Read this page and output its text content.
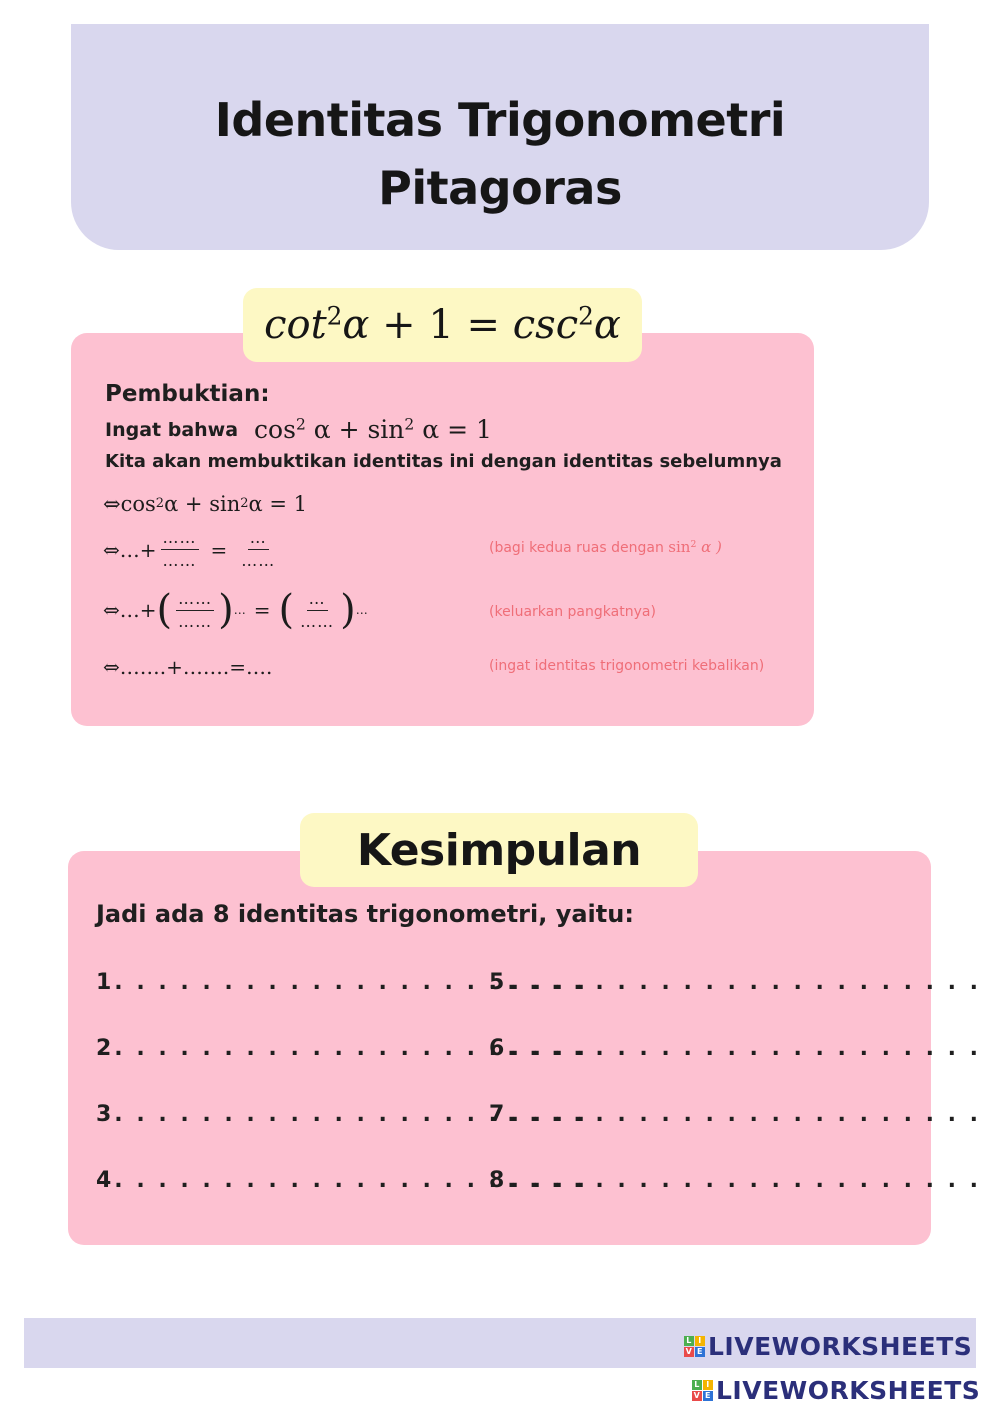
Identitas Trigonometri
Pitagoras
$\cot^2\alpha + 1 = \csc^2\alpha$
Pembuktian:
Ingat bahwa $\cos^2 \alpha + \sin^2 \alpha = 1$
Kita akan membuktikan identitas ini dengan identitas sebelumnya
⇔ cos 2 α + sin 2 α = 1
⇔ …+ $\frac{\dots\dots}{\dots\dots} = \frac{\dots}{\dots\dots}$	(bagi kedua ruas dengan $\sin^2 \alpha$ )
⇔ …+ ( $\frac{\dots\dots}{\dots\dots}$ ) … = ( $\frac{\dots}{\dots\dots}$ ) …	(keluarkan pangkatnya)
⇔ …….+…….=….	(ingat identitas trigonometri kebalikan)
Kesimpulan
Jadi ada 8 identitas trigonometri, yaitu:
1. . . . . . . . . . . . . . . . . . . . . .
2. . . . . . . . . . . . . . . . . . . . . .
3. . . . . . . . . . . . . . . . . . . . . .
4. . . . . . . . . . . . . . . . . . . . . .
5. . . . . . . . . . . . . . . . . . . . . .
6. . . . . . . . . . . . . . . . . . . . . .
7. . . . . . . . . . . . . . . . . . . . . .
8. . . . . . . . . . . . . . . . . . . . . .
L I
V E LIVEWORKSHEETS
L I
V E LIVEWORKSHEETS
